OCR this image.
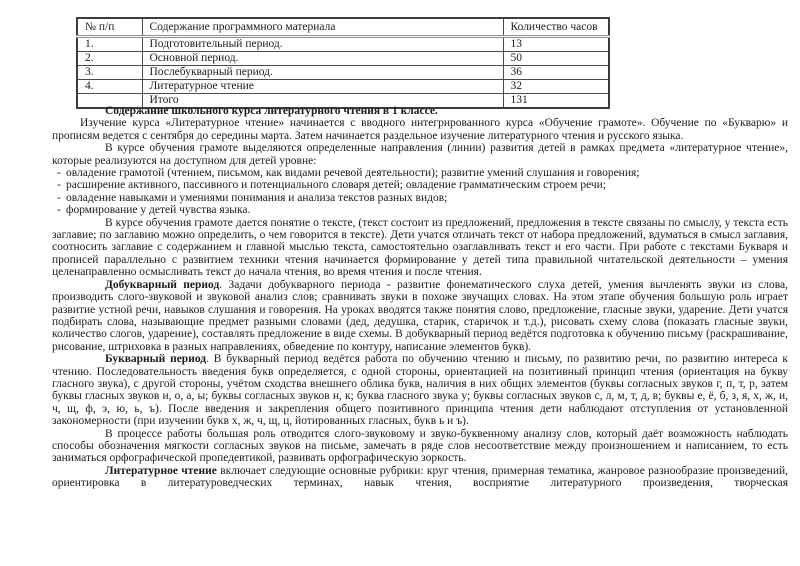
№ п/п	Содержание программного материала	Количество часов
1.	Подготовительный период.	13
2.	Основной период.	50
3.	Послебукварный период.	36
4.	Литературное чтение	32
	Итого	131

Содержание школьного курса литературного чтения в 1 классе.

Изучение курса «Литературное чтение» начинается с вводного интегрированного курса «Обучение грамоте». Обучение по «Букварю» и прописям ведется с сентября до середины марта. Затем начинается раздельное изучение литературного чтения и русского языка.

В курсе обучения грамоте выделяются определенные направления (линии) развития детей в рамках предмета «литературное чтение», которые реализуются на доступном для детей уровне:

- овладение грамотой (чтением, письмом, как видами речевой деятельности); развитие умений слушания и говорения;
- расширение активного, пассивного и потенциального словаря детей; овладение грамматическим строем речи;
- овладение навыками и умениями понимания и анализа текстов разных видов;
- формирование у детей чувства языка.

В курсе обучения грамоте дается понятие о тексте, (текст состоит из предложений, предложения в тексте связаны по смыслу, у текста есть заглавие; по заглавию можно определить, о чем говорится в тексте). Дети учатся отличать текст от набора предложений, вдуматься в смысл заглавия, соотносить заглавие с содержанием и главной мыслью текста, самостоятельно озаглавливать текст и его части. При работе с текстами Букваря и прописей параллельно с развитием техники чтения начинается формирование у детей типа правильной читательской деятельности – умения целенаправленно осмысливать текст до начала чтения, во время чтения и после чтения.

Добукварный период. Задачи добукварного периода - развитие фонематического слуха детей, умения вычленять звуки из слова, производить слого-звуковой и звуковой анализ слов; сравнивать звуки в похоже звучащих словах. На этом этапе обучения большую роль играет развитие устной речи, навыков слушания и говорения. На уроках вводятся также понятия слово, предложение, гласные звуки, ударение. Дети учатся подбирать слова, называющие предмет разными словами (дед, дедушка, старик, старичок и т.д.), рисовать схему слова (показать гласные звуки, количество слогов, ударение), составлять предложение в виде схемы. В добукварный период ведётся подготовка к обучению письму (раскрашивание, рисование, штриховка в разных направлениях, обведение по контуру, написание элементов букв).

Букварный период. В букварный период ведётся работа по обучению чтению и письму, по развитию речи, по развитию интереса к чтению. Последовательность введения букв определяется, с одной стороны, ориентацией на позитивный принцип чтения (ориентация на букву гласного звука), с другой стороны, учётом сходства внешнего облика букв, наличия в них общих элементов (буквы согласных звуков г, п, т, р, затем буквы гласных звуков и, о, а, ы; буквы согласных звуков н, к; буква гласного звука у; буквы согласных звуков с, л, м, т, д, в; буквы е, ё, б, з, я, х, ж, и, ч, щ, ф, э, ю, ь, ъ). После введения и закрепления общего позитивного принципа чтения дети наблюдают отступления от установленной закономерности (при изучении букв х, ж, ч, щ, ц, йотированных гласных, букв ь и ъ).

В процессе работы большая роль отводится слого-звуковому и звуко-буквенному анализу слов, который даёт возможность наблюдать способы обозначения мягкости согласных звуков на письме, замечать в ряде слов несоответствие между произношением и написанием, то есть заниматься орфографической пропедевтикой, развивать орфографическую зоркость.

Литературное чтение включает следующие основные рубрики: круг чтения, примерная тематика, жанровое разнообразие произведений, ориентировка в литературоведческих терминах, навык чтения, восприятие литературного произведения, творческая
